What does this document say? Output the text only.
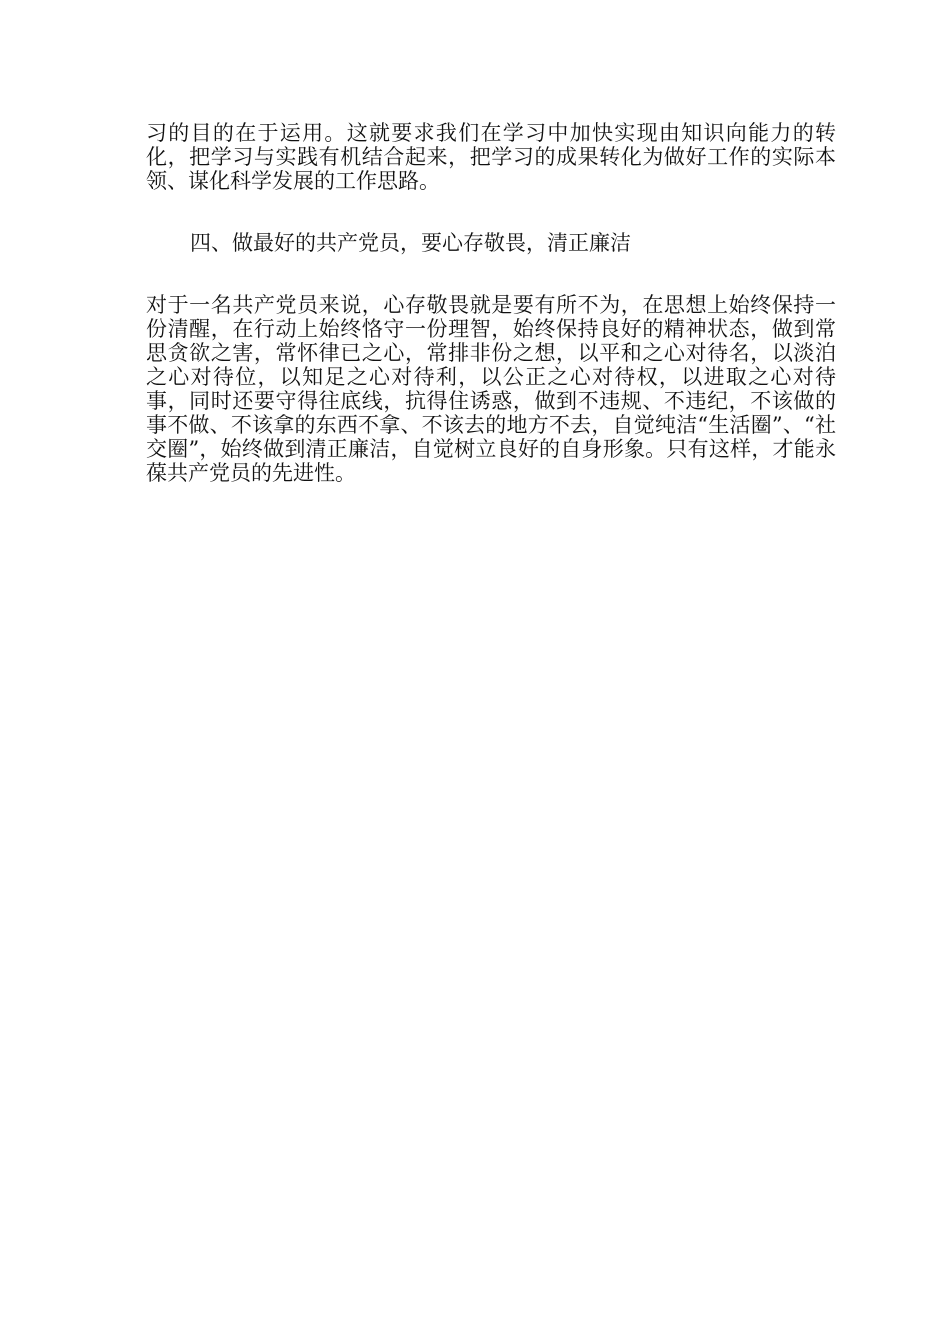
习的目的在于运用。这就要求我们在学习中加快实现由知识向能力的转化，把学习与实践有机结合起来，把学习的成果转化为做好工作的实际本领、谋化科学发展的工作思路。

四、做最好的共产党员，要心存敬畏，清正廉洁

对于一名共产党员来说，心存敬畏就是要有所不为，在思想上始终保持一份清醒，在行动上始终恪守一份理智，始终保持良好的精神状态，做到常思贪欲之害，常怀律已之心，常排非份之想，以平和之心对待名，以淡泊之心对待位，以知足之心对待利，以公正之心对待权，以进取之心对待事，同时还要守得往底线，抗得住诱惑，做到不违规、不违纪，不该做的事不做、不该拿的东西不拿、不该去的地方不去，自觉纯洁“生活圈”、“社交圈”，始终做到清正廉洁，自觉树立良好的自身形象。只有这样，才能永葆共产党员的先进性。
